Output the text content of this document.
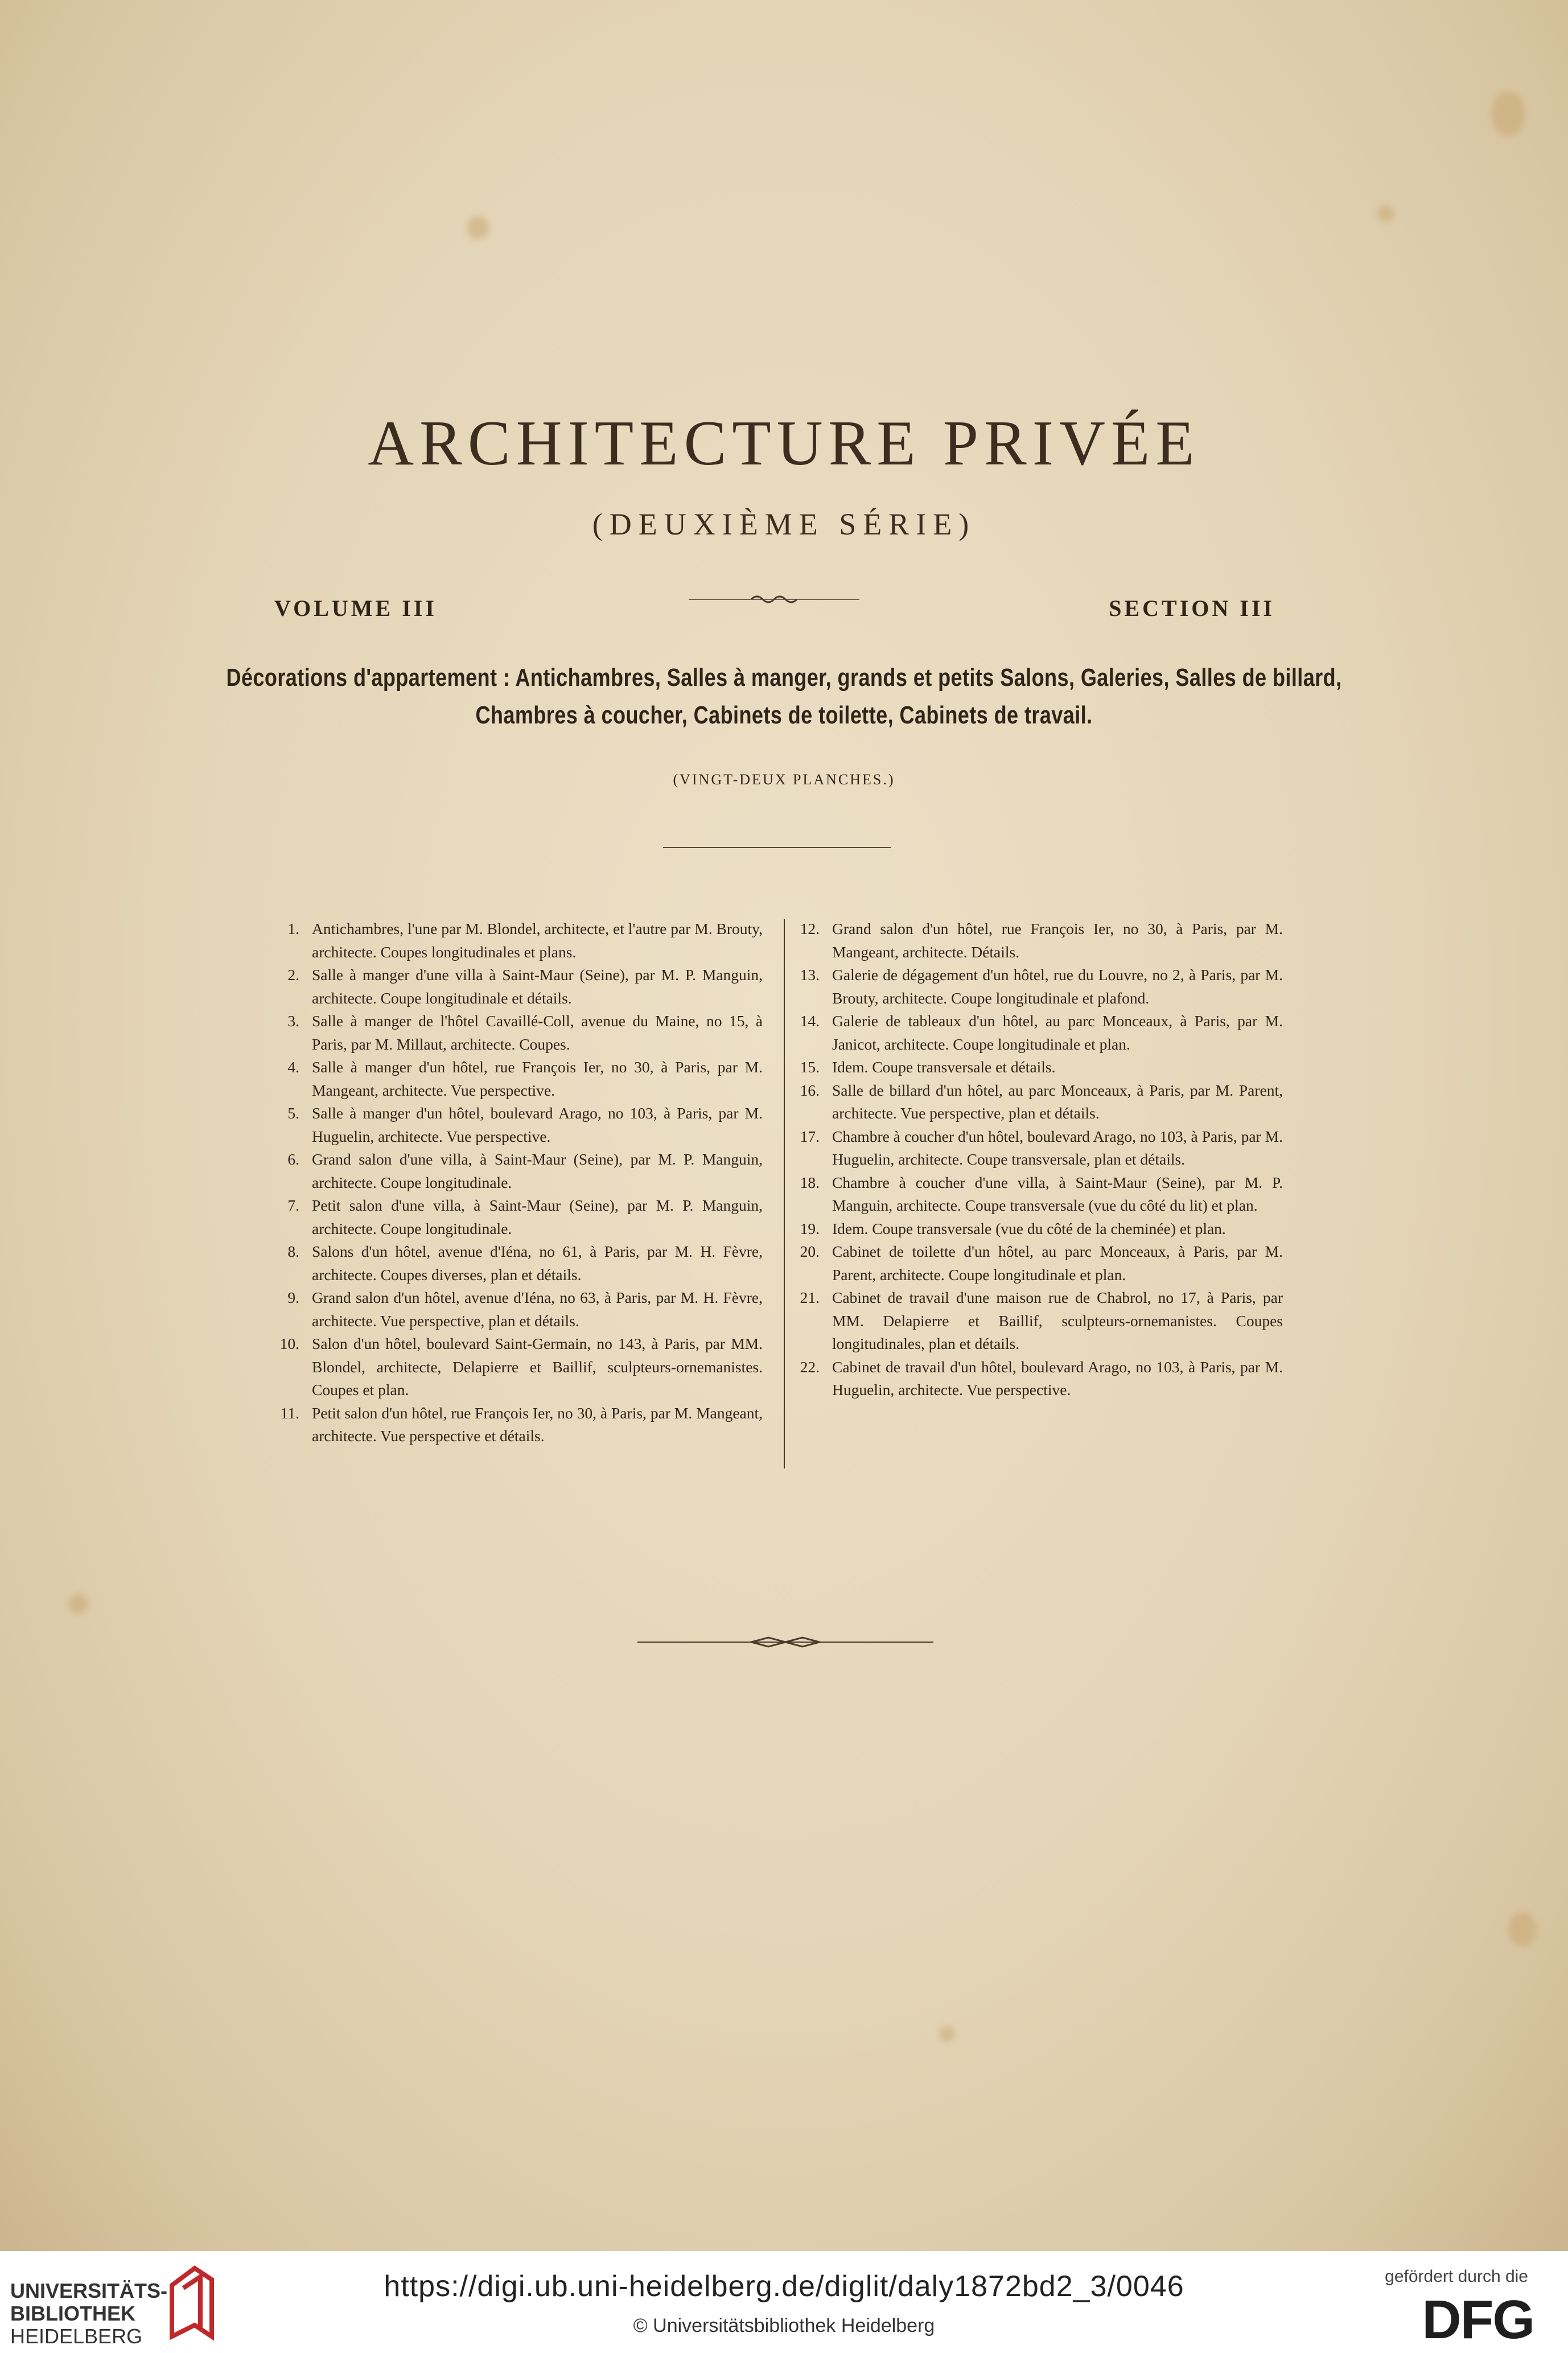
ARCHITECTURE PRIVÉE
(DEUXIÈME SÉRIE)
VOLUME III	SECTION III
Décorations d'appartement : Antichambres, Salles à manger, grands et petits Salons, Galeries, Salles de billard,
Chambres à coucher, Cabinets de toilette, Cabinets de travail.
(VINGT-DEUX PLANCHES.)
1. Antichambres, l'une par M. Blondel, architecte, et l'autre par M. Brouty, architecte. Coupes longitudinales et plans.
2. Salle à manger d'une villa à Saint-Maur (Seine), par M. P. Manguin, architecte. Coupe longitudinale et détails.
3. Salle à manger de l'hôtel Cavaillé-Coll, avenue du Maine, no 15, à Paris, par M. Millaut, architecte. Coupes.
4. Salle à manger d'un hôtel, rue François Ier, no 30, à Paris, par M. Mangeant, architecte. Vue perspective.
5. Salle à manger d'un hôtel, boulevard Arago, no 103, à Paris, par M. Huguelin, architecte. Vue perspective.
6. Grand salon d'une villa, à Saint-Maur (Seine), par M. P. Manguin, architecte. Coupe longitudinale.
7. Petit salon d'une villa, à Saint-Maur (Seine), par M. P. Manguin, architecte. Coupe longitudinale.
8. Salons d'un hôtel, avenue d'Iéna, no 61, à Paris, par M. H. Fèvre, architecte. Coupes diverses, plan et détails.
9. Grand salon d'un hôtel, avenue d'Iéna, no 63, à Paris, par M. H. Fèvre, architecte. Vue perspective, plan et détails.
10. Salon d'un hôtel, boulevard Saint-Germain, no 143, à Paris, par MM. Blondel, architecte, Delapierre et Baillif, sculpteurs-ornemanistes. Coupes et plan.
11. Petit salon d'un hôtel, rue François Ier, no 30, à Paris, par M. Mangeant, architecte. Vue perspective et détails.
12. Grand salon d'un hôtel, rue François Ier, no 30, à Paris, par M. Mangeant, architecte. Détails.
13. Galerie de dégagement d'un hôtel, rue du Louvre, no 2, à Paris, par M. Brouty, architecte. Coupe longitudinale et plafond.
14. Galerie de tableaux d'un hôtel, au parc Monceaux, à Paris, par M. Janicot, architecte. Coupe longitudinale et plan.
15. Idem. Coupe transversale et détails.
16. Salle de billard d'un hôtel, au parc Monceaux, à Paris, par M. Parent, architecte. Vue perspective, plan et détails.
17. Chambre à coucher d'un hôtel, boulevard Arago, no 103, à Paris, par M. Huguelin, architecte. Coupe transversale, plan et détails.
18. Chambre à coucher d'une villa, à Saint-Maur (Seine), par M. P. Manguin, architecte. Coupe transversale (vue du côté du lit) et plan.
19. Idem. Coupe transversale (vue du côté de la cheminée) et plan.
20. Cabinet de toilette d'un hôtel, au parc Monceaux, à Paris, par M. Parent, architecte. Coupe longitudinale et plan.
21. Cabinet de travail d'une maison rue de Chabrol, no 17, à Paris, par MM. Delapierre et Baillif, sculpteurs-ornemanistes. Coupes longitudinales, plan et détails.
22. Cabinet de travail d'un hôtel, boulevard Arago, no 103, à Paris, par M. Huguelin, architecte. Vue perspective.
UNIVERSITÄTS-
BIBLIOTHEK
HEIDELBERG
https://digi.ub.uni-heidelberg.de/diglit/daly1872bd2_3/0046
© Universitätsbibliothek Heidelberg
gefördert durch die
DFG
